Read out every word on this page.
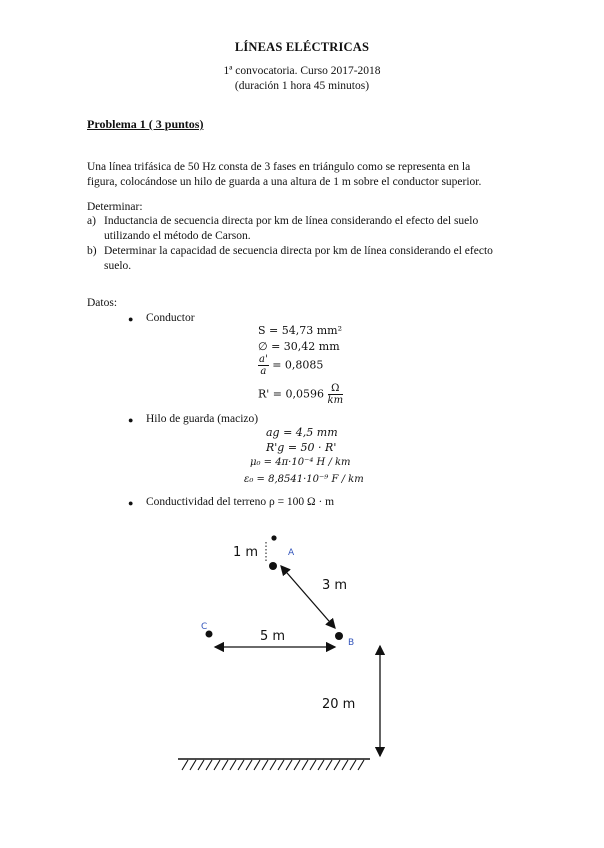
LÍNEAS ELÉCTRICAS
1ª convocatoria. Curso 2017-2018
(duración 1 hora 45 minutos)
Problema 1 ( 3 puntos)
Una línea trifásica de 50 Hz consta de 3 fases en triángulo como se representa en la
figura, colocándose un hilo de guarda a una altura de 1 m sobre el conductor superior.
Determinar:
a) Inductancia de secuencia directa por km de línea considerando el efecto del suelo
utilizando el método de Carson.
b) Determinar la capacidad de secuencia directa por km de línea considerando el efecto
suelo.
Datos:
● Conductor
S = 54,73 mm²
∅ = 30,42 mm
$\frac{a'}{a} = 0,8085$
$R' = 0,0596 \frac{\Omega}{km}$
● Hilo de guarda (macizo)
ag = 4,5 mm
R'g = 50 · R'
μ₀ = 4π·10⁻⁴ H / km
ε₀ = 8,8541·10⁻⁹ F / km
● Conductividad del terreno ρ = 100 Ω · m
1 m	A
3 m
C
B
5 m
20 m
